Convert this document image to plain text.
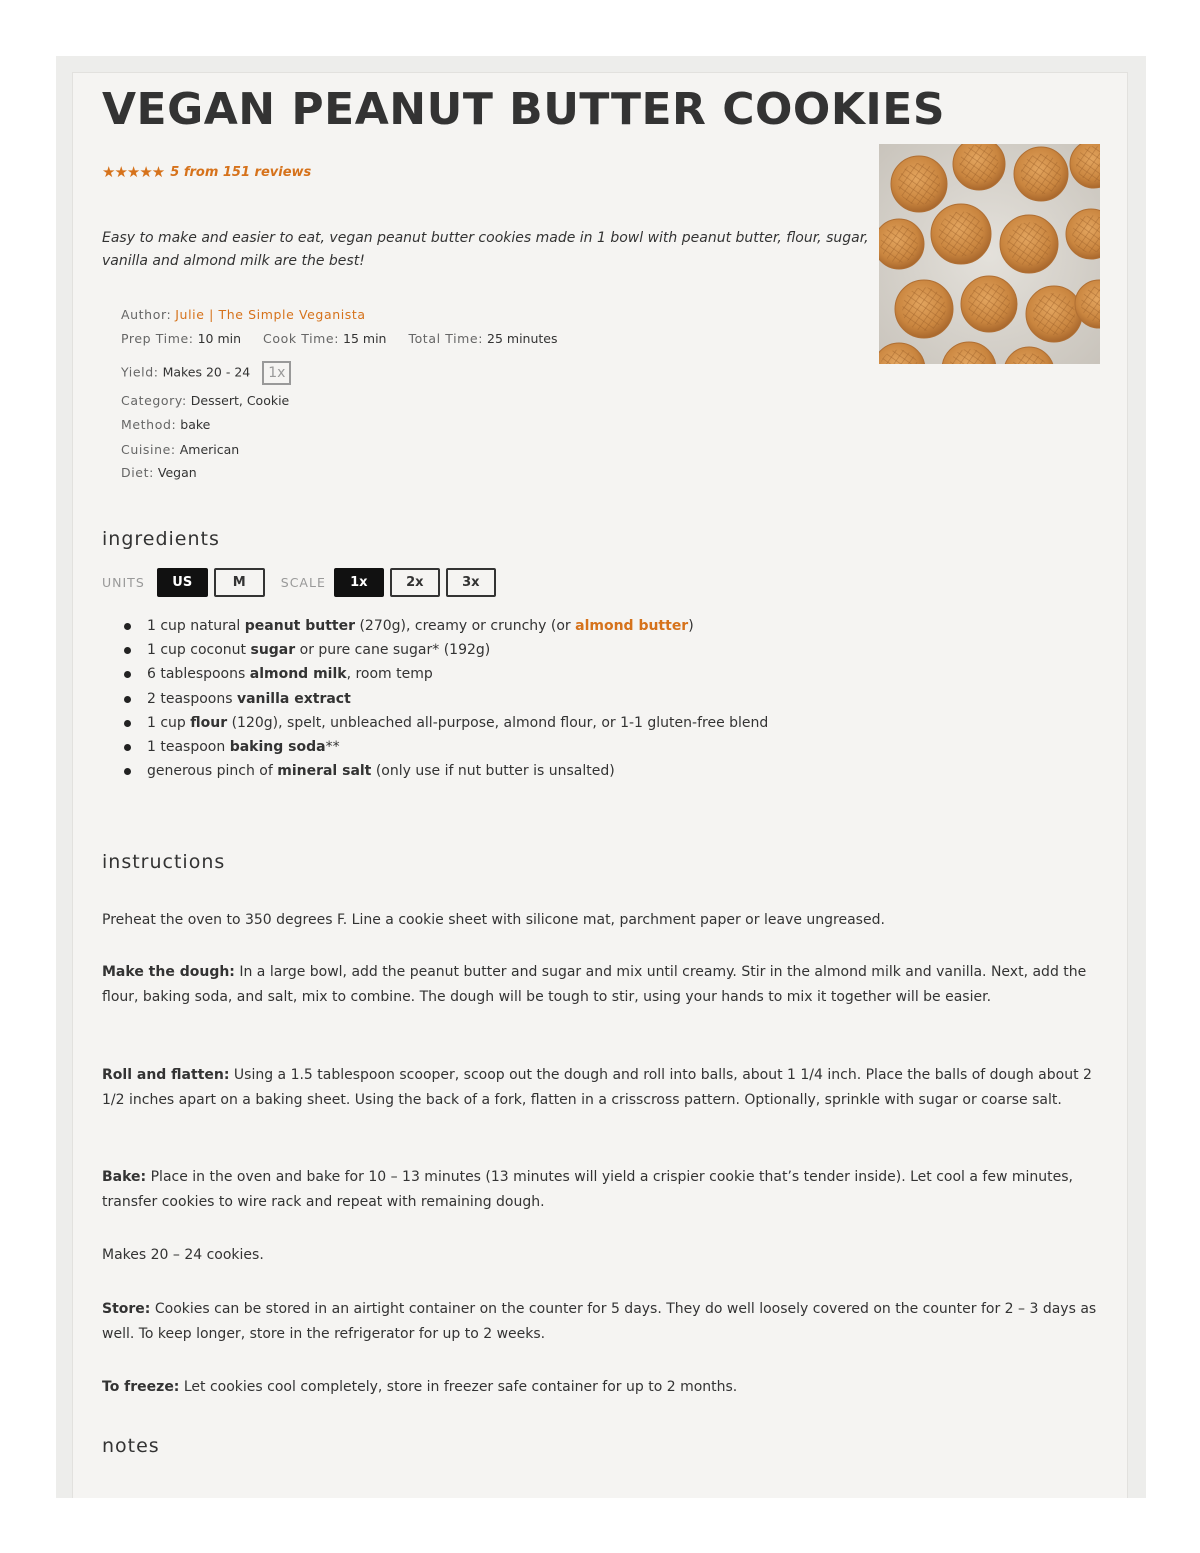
VEGAN PEANUT BUTTER COOKIES
★★★★★ 5 from 151 reviews

Easy to make and easier to eat, vegan peanut butter cookies made in 1 bowl with peanut butter, flour, sugar, vanilla and almond milk are the best!

Author: Julie | The Simple Veganista
Prep Time: 10 min Cook Time: 15 min Total Time: 25 minutes
Yield: Makes 20 - 24 1x
Category: Dessert, Cookie
Method: bake
Cuisine: American
Diet: Vegan
ingredients
UNITS	US	M	SCALE	1x	2x	3x
1 cup natural peanut butter (270g), creamy or crunchy (or almond butter)
1 cup coconut sugar or pure cane sugar* (192g)
6 tablespoons almond milk, room temp
2 teaspoons vanilla extract
1 cup flour (120g), spelt, unbleached all-purpose, almond flour, or 1-1 gluten-free blend
1 teaspoon baking soda**
generous pinch of mineral salt (only use if nut butter is unsalted)
instructions

Preheat the oven to 350 degrees F. Line a cookie sheet with silicone mat, parchment paper or leave ungreased.

Make the dough: In a large bowl, add the peanut butter and sugar and mix until creamy. Stir in the almond milk and vanilla. Next, add the flour, baking soda, and salt, mix to combine. The dough will be tough to stir, using your hands to mix it together will be easier.

Roll and flatten: Using a 1.5 tablespoon scooper, scoop out the dough and roll into balls, about 1 1/4 inch. Place the balls of dough about 2 1/2 inches apart on a baking sheet. Using the back of a fork, flatten in a crisscross pattern. Optionally, sprinkle with sugar or coarse salt.

Bake: Place in the oven and bake for 10 – 13 minutes (13 minutes will yield a crispier cookie that’s tender inside). Let cool a few minutes, transfer cookies to wire rack and repeat with remaining dough.

Makes 20 – 24 cookies.

Store: Cookies can be stored in an airtight container on the counter for 5 days. They do well loosely covered on the counter for 2 – 3 days as well. To keep longer, store in the refrigerator for up to 2 weeks.

To freeze: Let cookies cool completely, store in freezer safe container for up to 2 months.

notes
